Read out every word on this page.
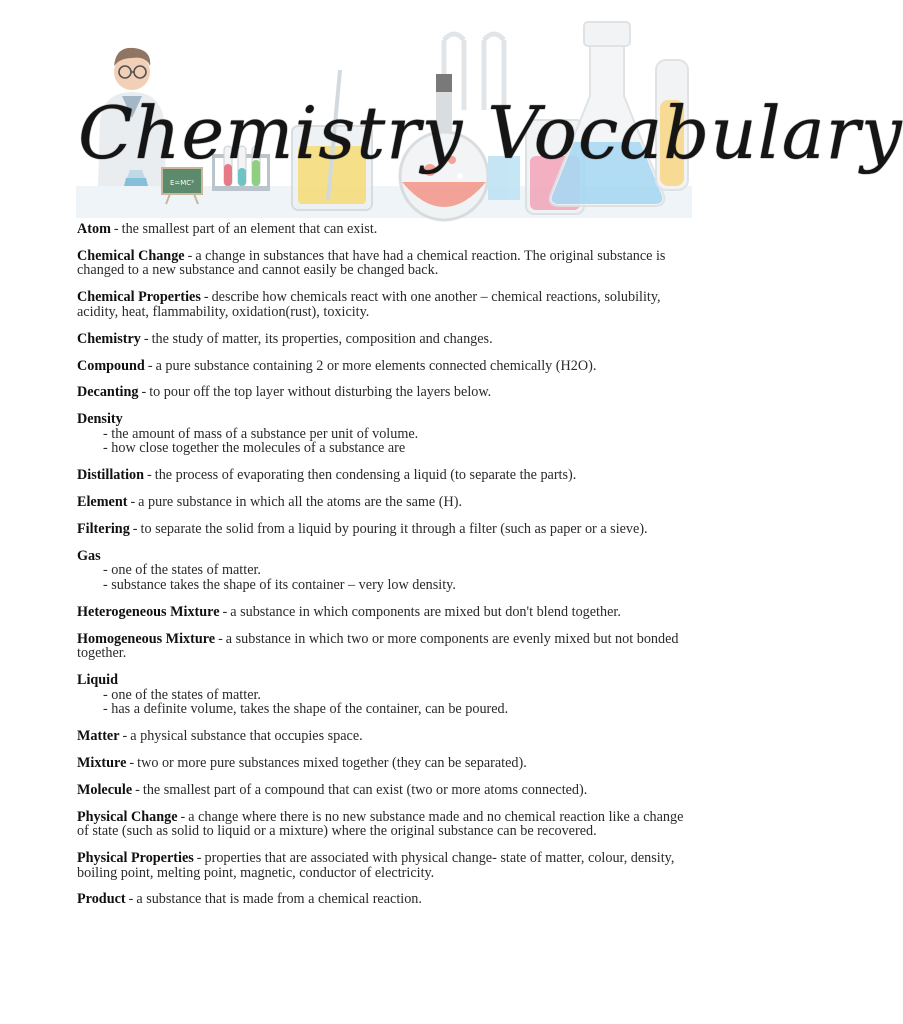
E=MC²
Chemistry Vocabulary
Atom - the smallest part of an element that can exist.
Chemical Change - a change in substances that have had a chemical reaction. The original substance is changed to a new substance and cannot easily be changed back.
Chemical Properties - describe how chemicals react with one another – chemical reactions, solubility, acidity, heat, flammability, oxidation(rust), toxicity.
Chemistry - the study of matter, its properties, composition and changes.
Compound - a pure substance containing 2 or more elements connected chemically (H2O).
Decanting - to pour off the top layer without disturbing the layers below.
Density
- the amount of mass of a substance per unit of volume.
- how close together the molecules of a substance are
Distillation - the process of evaporating then condensing a liquid (to separate the parts).
Element - a pure substance in which all the atoms are the same (H).
Filtering - to separate the solid from a liquid by pouring it through a filter (such as paper or a sieve).
Gas
- one of the states of matter.
- substance takes the shape of its container – very low density.
Heterogeneous Mixture - a substance in which components are mixed but don't blend together.
Homogeneous Mixture - a substance in which two or more components are evenly mixed but not bonded together.
Liquid
- one of the states of matter.
- has a definite volume, takes the shape of the container, can be poured.
Matter - a physical substance that occupies space.
Mixture - two or more pure substances mixed together (they can be separated).
Molecule - the smallest part of a compound that can exist (two or more atoms connected).
Physical Change - a change where there is no new substance made and no chemical reaction like a change of state (such as solid to liquid or a mixture) where the original substance can be recovered.
Physical Properties - properties that are associated with physical change- state of matter, colour, density, boiling point, melting point, magnetic, conductor of electricity.
Product - a substance that is made from a chemical reaction.
